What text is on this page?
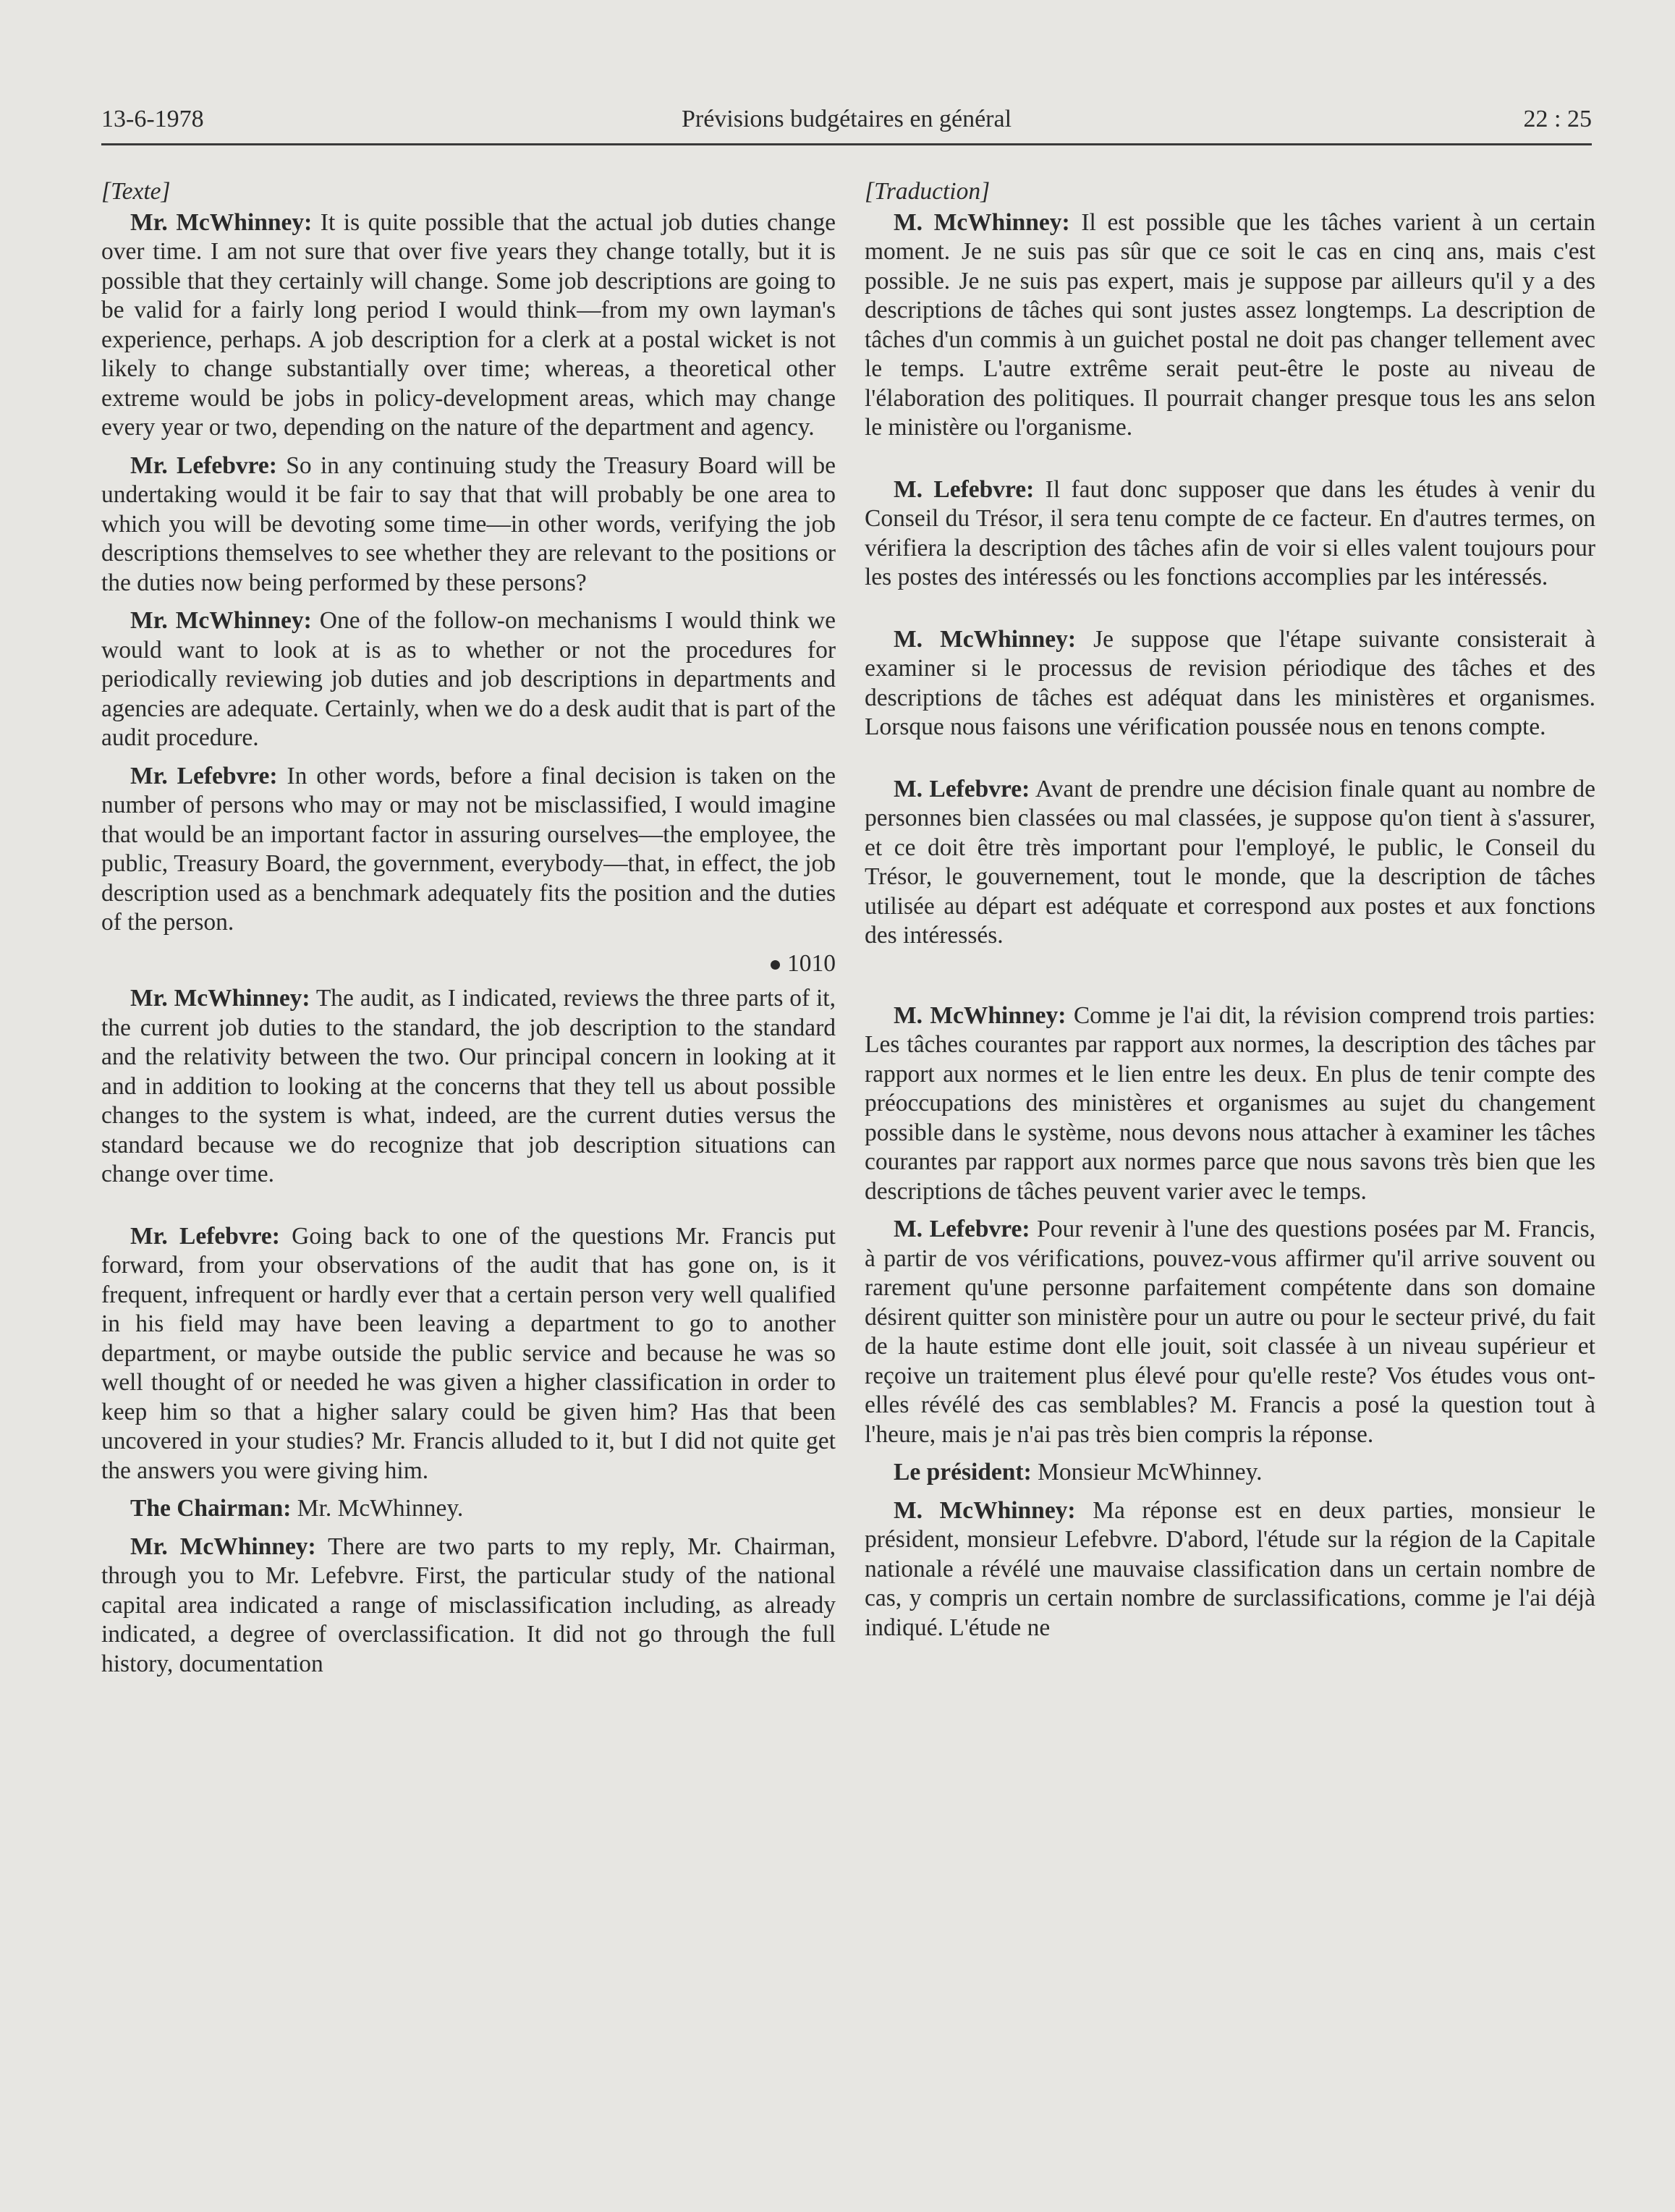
13-6-1978	Prévisions budgétaires en général	22 : 25
[Texte]

Mr. McWhinney: It is quite possible that the actual job duties change over time. I am not sure that over five years they change totally, but it is possible that they certainly will change. Some job descriptions are going to be valid for a fairly long period I would think—from my own layman's experience, perhaps. A job description for a clerk at a postal wicket is not likely to change substantially over time; whereas, a theoretical other extreme would be jobs in policy-development areas, which may change every year or two, depending on the nature of the department and agency.

Mr. Lefebvre: So in any continuing study the Treasury Board will be undertaking would it be fair to say that that will probably be one area to which you will be devoting some time—in other words, verifying the job descriptions themselves to see whether they are relevant to the positions or the duties now being performed by these persons?

Mr. McWhinney: One of the follow-on mechanisms I would think we would want to look at is as to whether or not the procedures for periodically reviewing job duties and job descriptions in departments and agencies are adequate. Certainly, when we do a desk audit that is part of the audit procedure.

Mr. Lefebvre: In other words, before a final decision is taken on the number of persons who may or may not be misclassified, I would imagine that would be an important factor in assuring ourselves—the employee, the public, Treasury Board, the government, everybody—that, in effect, the job description used as a benchmark adequately fits the position and the duties of the person.

1010

Mr. McWhinney: The audit, as I indicated, reviews the three parts of it, the current job duties to the standard, the job description to the standard and the relativity between the two. Our principal concern in looking at it and in addition to looking at the concerns that they tell us about possible changes to the system is what, indeed, are the current duties versus the standard because we do recognize that job description situations can change over time.

Mr. Lefebvre: Going back to one of the questions Mr. Francis put forward, from your observations of the audit that has gone on, is it frequent, infrequent or hardly ever that a certain person very well qualified in his field may have been leaving a department to go to another department, or maybe outside the public service and because he was so well thought of or needed he was given a higher classification in order to keep him so that a higher salary could be given him? Has that been uncovered in your studies? Mr. Francis alluded to it, but I did not quite get the answers you were giving him.

The Chairman: Mr. McWhinney.

Mr. McWhinney: There are two parts to my reply, Mr. Chairman, through you to Mr. Lefebvre. First, the particular study of the national capital area indicated a range of misclassification including, as already indicated, a degree of overclassification. It did not go through the full history, documentation

[Traduction]

M. McWhinney: Il est possible que les tâches varient à un certain moment. Je ne suis pas sûr que ce soit le cas en cinq ans, mais c'est possible. Je ne suis pas expert, mais je suppose par ailleurs qu'il y a des descriptions de tâches qui sont justes assez longtemps. La description de tâches d'un commis à un guichet postal ne doit pas changer tellement avec le temps. L'autre extrême serait peut-être le poste au niveau de l'élaboration des politiques. Il pourrait changer presque tous les ans selon le ministère ou l'organisme.

M. Lefebvre: Il faut donc supposer que dans les études à venir du Conseil du Trésor, il sera tenu compte de ce facteur. En d'autres termes, on vérifiera la description des tâches afin de voir si elles valent toujours pour les postes des intéressés ou les fonctions accomplies par les intéressés.

M. McWhinney: Je suppose que l'étape suivante consisterait à examiner si le processus de revision périodique des tâches et des descriptions de tâches est adéquat dans les ministères et organismes. Lorsque nous faisons une vérification poussée nous en tenons compte.

M. Lefebvre: Avant de prendre une décision finale quant au nombre de personnes bien classées ou mal classées, je suppose qu'on tient à s'assurer, et ce doit être très important pour l'employé, le public, le Conseil du Trésor, le gouvernement, tout le monde, que la description de tâches utilisée au départ est adéquate et correspond aux postes et aux fonctions des intéressés.

M. McWhinney: Comme je l'ai dit, la révision comprend trois parties: Les tâches courantes par rapport aux normes, la description des tâches par rapport aux normes et le lien entre les deux. En plus de tenir compte des préoccupations des ministères et organismes au sujet du changement possible dans le système, nous devons nous attacher à examiner les tâches courantes par rapport aux normes parce que nous savons très bien que les descriptions de tâches peuvent varier avec le temps.

M. Lefebvre: Pour revenir à l'une des questions posées par M. Francis, à partir de vos vérifications, pouvez-vous affirmer qu'il arrive souvent ou rarement qu'une personne parfaitement compétente dans son domaine désirent quitter son ministère pour un autre ou pour le secteur privé, du fait de la haute estime dont elle jouit, soit classée à un niveau supérieur et reçoive un traitement plus élevé pour qu'elle reste? Vos études vous ont-elles révélé des cas semblables? M. Francis a posé la question tout à l'heure, mais je n'ai pas très bien compris la réponse.

Le président: Monsieur McWhinney.

M. McWhinney: Ma réponse est en deux parties, monsieur le président, monsieur Lefebvre. D'abord, l'étude sur la région de la Capitale nationale a révélé une mauvaise classification dans un certain nombre de cas, y compris un certain nombre de surclassifications, comme je l'ai déjà indiqué. L'étude ne
